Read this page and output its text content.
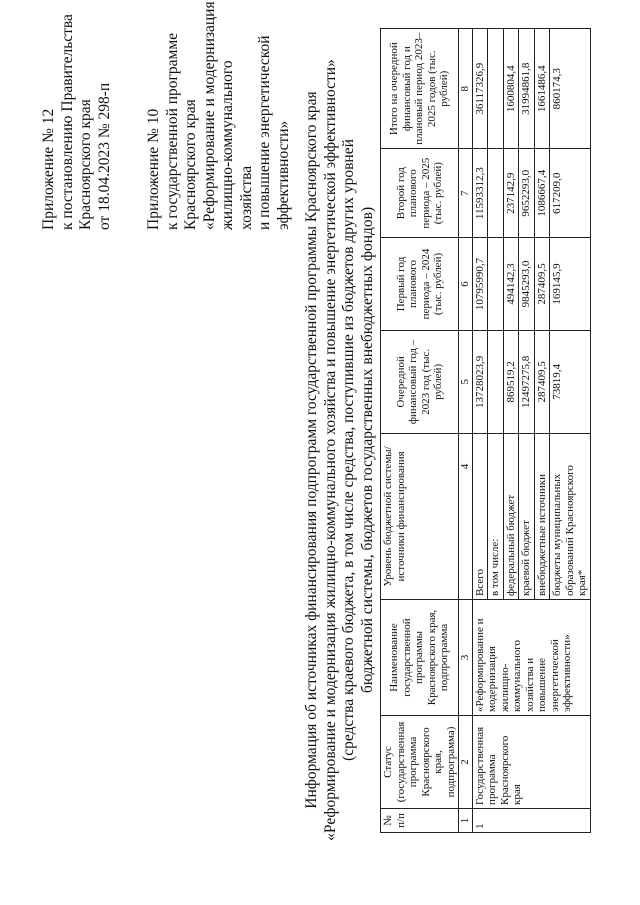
Приложение № 12 к постановлению Правительства Красноярского края от 18.04.2023 № 298-п Приложение № 10 к государственной программе Красноярского края «Реформирование и модернизация жилищно-коммунального хозяйства и повышение энергетической эффективности» Информация об источниках финансирования подпрограмм государственной программы Красноярского края «Реформирование и модернизация жилищно-коммунального хозяйства и повышение энергетической эффективности» (средства краевого бюджета, в том числе средства, поступившие из бюджетов других уровней бюджетной системы, бюджетов государственных внебюджетных фондов)
№ п/п	Статус (государственная программа Красноярского края, подпрограмма)	Наименование государственной программы Красноярского края, подпрограмма	Уровень бюджетной системы/ источники финансирования	Очередной финансовый год – 2023 год (тыс. рублей)	Первый год планового периода – 2024 (тыс. рублей)	Второй год планового периода – 2025 (тыс. рублей)	Итого на очередной финансовый год и плановый период 2023–2025 годов (тыс. рублей)
1	2	3	4	5	6	7	8
1	Государственная программа Красноярского края	«Реформирование и модернизация жилищно-коммунального хозяйства и повышение энергетической эффективности»	Всего	13728023,9	10795990,7	11593312,3	36117326,9
			в том числе:				
			федеральный бюджет	869519,2	494142,3	237142,9	1600804,4
			краевой бюджет	12497275,8	9845293,0	9652293,0	31994861,8
			внебюджетные источники	287409,5	287409,5	1086667,4	1661486,4
			бюджеты муниципальных образований Красноярского края*	73819,4	169145,9	617209,0	860174,3
